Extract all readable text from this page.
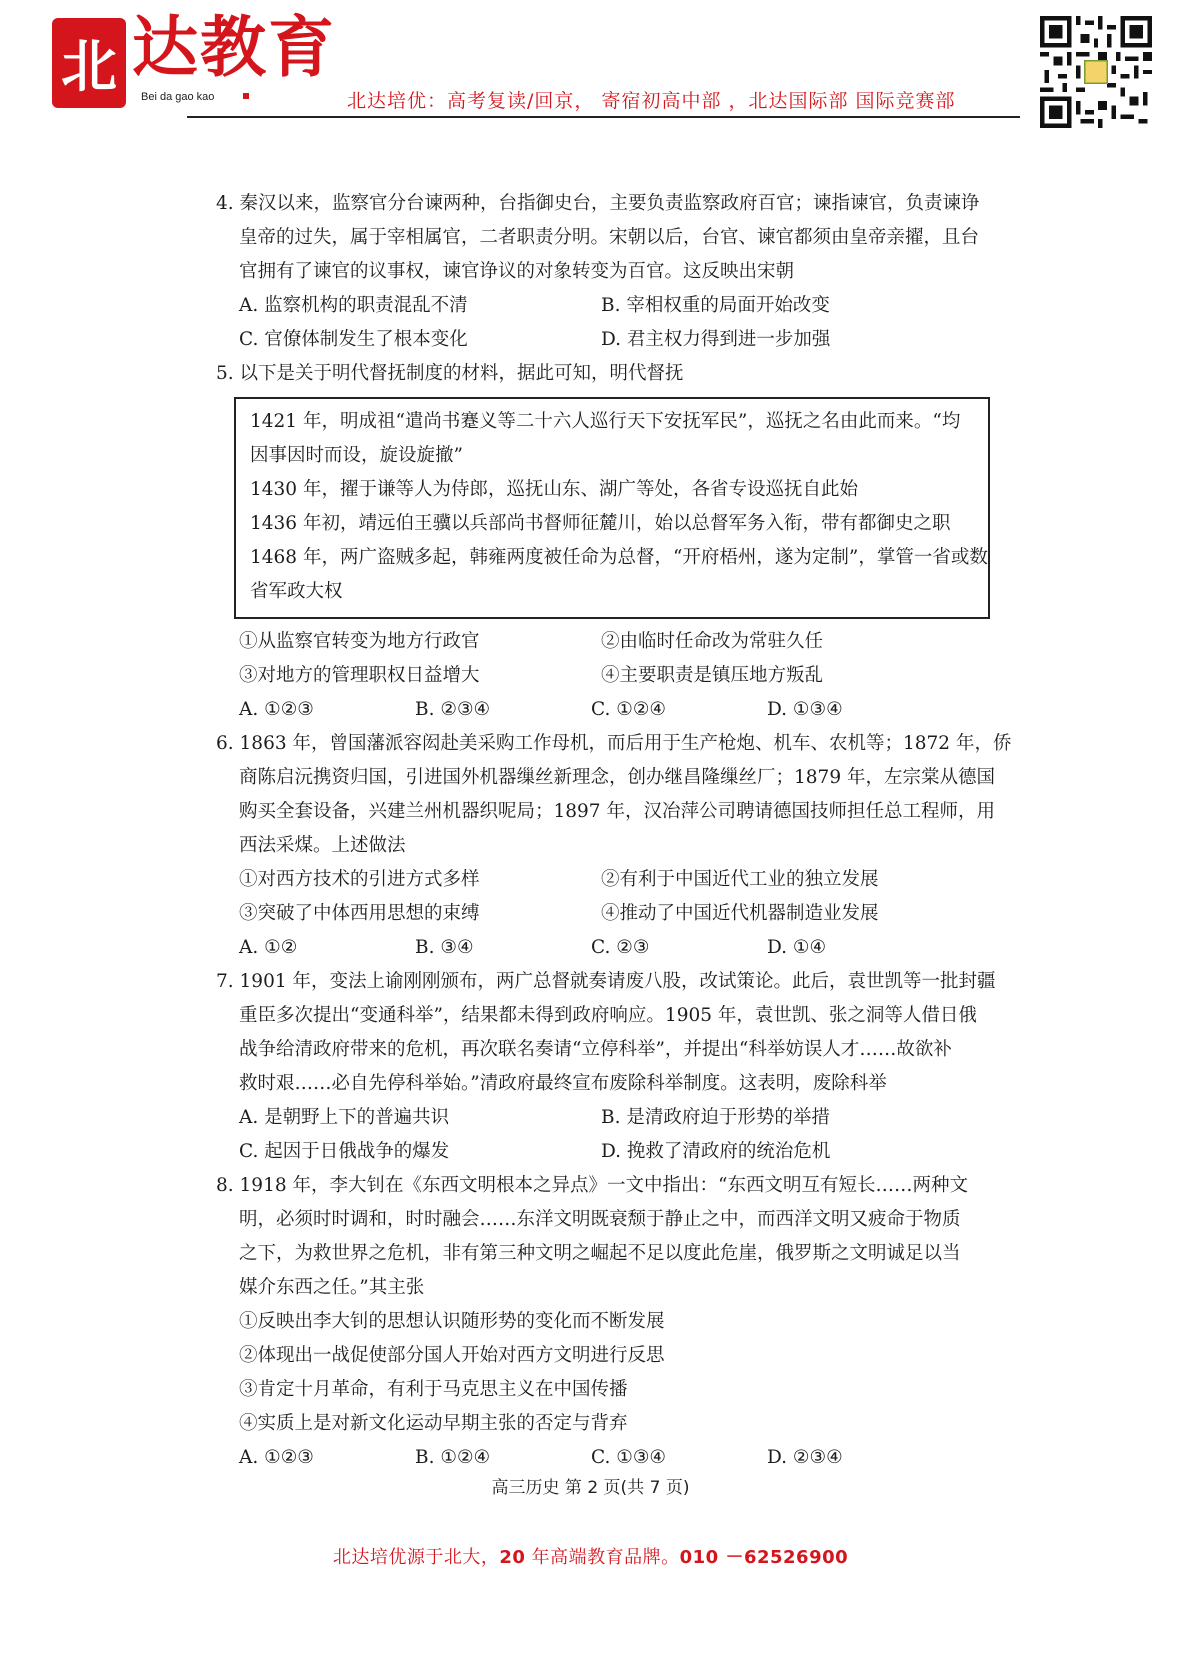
北 达教育
Bei da gao kao	北达培优：高考复读/回京， 寄宿初高中部 ，北达国际部 国际竞赛部
4. 秦汉以来，监察官分台谏两种，台指御史台，主要负责监察政府百官；谏指谏官，负责谏诤
皇帝的过失，属于宰相属官，二者职责分明。宋朝以后，台官、谏官都须由皇帝亲擢，且台
官拥有了谏官的议事权，谏官诤议的对象转变为百官。这反映出宋朝
A. 监察机构的职责混乱不清	B. 宰相权重的局面开始改变
C. 官僚体制发生了根本变化	D. 君主权力得到进一步加强
5. 以下是关于明代督抚制度的材料，据此可知，明代督抚
1421 年，明成祖“遣尚书蹇义等二十六人巡行天下安抚军民”，巡抚之名由此而来。“均
因事因时而设，旋设旋撤”
1430 年，擢于谦等人为侍郎，巡抚山东、湖广等处，各省专设巡抚自此始
1436 年初，靖远伯王骥以兵部尚书督师征麓川，始以总督军务入衔，带有都御史之职
1468 年，两广盗贼多起，韩雍两度被任命为总督，“开府梧州，遂为定制”，掌管一省或数
省军政大权
①从监察官转变为地方行政官	②由临时任命改为常驻久任
③对地方的管理职权日益增大	④主要职责是镇压地方叛乱
A. ①②③	B. ②③④	C. ①②④	D. ①③④
6. 1863 年，曾国藩派容闳赴美采购工作母机，而后用于生产枪炮、机车、农机等；1872 年，侨
商陈启沅携资归国，引进国外机器缫丝新理念，创办继昌隆缫丝厂；1879 年，左宗棠从德国
购买全套设备，兴建兰州机器织呢局；1897 年，汉冶萍公司聘请德国技师担任总工程师，用
西法采煤。上述做法
①对西方技术的引进方式多样	②有利于中国近代工业的独立发展
③突破了中体西用思想的束缚	④推动了中国近代机器制造业发展
A. ①②	B. ③④	C. ②③	D. ①④
7. 1901 年，变法上谕刚刚颁布，两广总督就奏请废八股，改试策论。此后，袁世凯等一批封疆
重臣多次提出“变通科举”，结果都未得到政府响应。1905 年，袁世凯、张之洞等人借日俄
战争给清政府带来的危机，再次联名奏请“立停科举”，并提出“科举妨误人才……故欲补
救时艰……必自先停科举始。”清政府最终宣布废除科举制度。这表明，废除科举
A. 是朝野上下的普遍共识	B. 是清政府迫于形势的举措
C. 起因于日俄战争的爆发	D. 挽救了清政府的统治危机
8. 1918 年，李大钊在《东西文明根本之异点》一文中指出：“东西文明互有短长……两种文
明，必须时时调和，时时融会……东洋文明既衰颓于静止之中，而西洋文明又疲命于物质
之下，为救世界之危机，非有第三种文明之崛起不足以度此危崖，俄罗斯之文明诚足以当
媒介东西之任。”其主张
①反映出李大钊的思想认识随形势的变化而不断发展
②体现出一战促使部分国人开始对西方文明进行反思
③肯定十月革命，有利于马克思主义在中国传播
④实质上是对新文化运动早期主张的否定与背弃
A. ①②③	B. ①②④	C. ①③④	D. ②③④
高三历史 第 2 页(共 7 页)
北达培优源于北大，20 年高端教育品牌。010 －62526900
